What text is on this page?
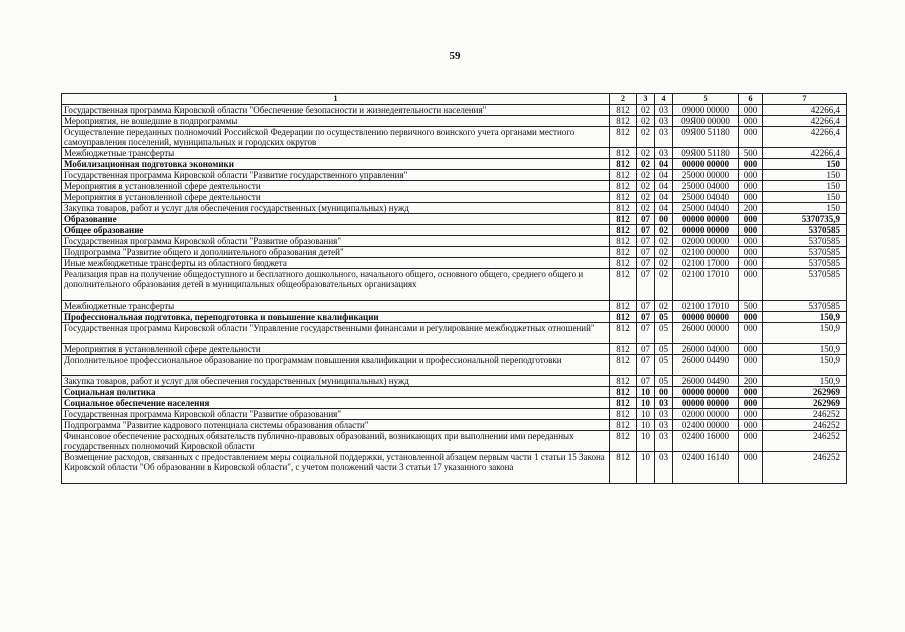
59
1	2	3	4	5	6	7
Государственная программа Кировской области "Обеспечение безопасности и жизнедеятельности населения"	812	02	03	09000 00000	000	42266,4
Мероприятия, не вошедшие в подпрограммы	812	02	03	09Я00 00000	000	42266,4
Осуществление переданных полномочий Российской Федерации по осуществлению первичного воинского учета органами местного самоуправления поселений, муниципальных и городских округов	812	02	03	09Я00 51180	000	42266,4
Межбюджетные трансферты	812	02	03	09Я00 51180	500	42266,4
Мобилизационная подготовка экономики	812	02	04	00000 00000	000	150
Государственная программа Кировской области "Развитие государственного управления"	812	02	04	25000 00000	000	150
Мероприятия в установленной сфере деятельности	812	02	04	25000 04000	000	150
Мероприятия в установленной сфере деятельности	812	02	04	25000 04040	000	150
Закупка товаров, работ и услуг для обеспечения государственных (муниципальных) нужд	812	02	04	25000 04040	200	150
Образование	812	07	00	00000 00000	000	5370735,9
Общее образование	812	07	02	00000 00000	000	5370585
Государственная программа Кировской области "Развитие образования"	812	07	02	02000 00000	000	5370585
Подпрограмма "Развитие общего и дополнительного образования детей"	812	07	02	02100 00000	000	5370585
Иные межбюджетные трансферты из областного бюджета	812	07	02	02100 17000	000	5370585
Реализация прав на получение общедоступного и бесплатного дошкольного, начального общего, основного общего, среднего общего и дополнительного образования детей в муниципальных общеобразовательных организациях	812	07	02	02100 17010	000	5370585
Межбюджетные трансферты	812	07	02	02100 17010	500	5370585
Профессиональная подготовка, переподготовка и повышение квалификации	812	07	05	00000 00000	000	150,9
Государственная программа Кировской области "Управление государственными финансами и регулирование межбюджетных отношений"	812	07	05	26000 00000	000	150,9
Мероприятия в установленной сфере деятельности	812	07	05	26000 04000	000	150,9
Дополнительное профессиональное образование по программам повышения квалификации и профессиональной переподготовки	812	07	05	26000 04490	000	150,9
Закупка товаров, работ и услуг для обеспечения государственных (муниципальных) нужд	812	07	05	26000 04490	200	150,9
Социальная политика	812	10	00	00000 00000	000	262969
Социальное обеспечение населения	812	10	03	00000 00000	000	262969
Государственная программа Кировской области "Развитие образования"	812	10	03	02000 00000	000	246252
Подпрограмма "Развитие кадрового потенциала системы образования области"	812	10	03	02400 00000	000	246252
Финансовое обеспечение расходных обязательств публично-правовых образований, возникающих при выполнении ими переданных государственных полномочий Кировской области	812	10	03	02400 16000	000	246252
Возмещение расходов, связанных с предоставлением меры социальной поддержки, установленной абзацем первым части 1 статьи 15 Закона Кировской области "Об образовании в Кировской области", с учетом положений части 3 статьи 17 указанного закона	812	10	03	02400 16140	000	246252
